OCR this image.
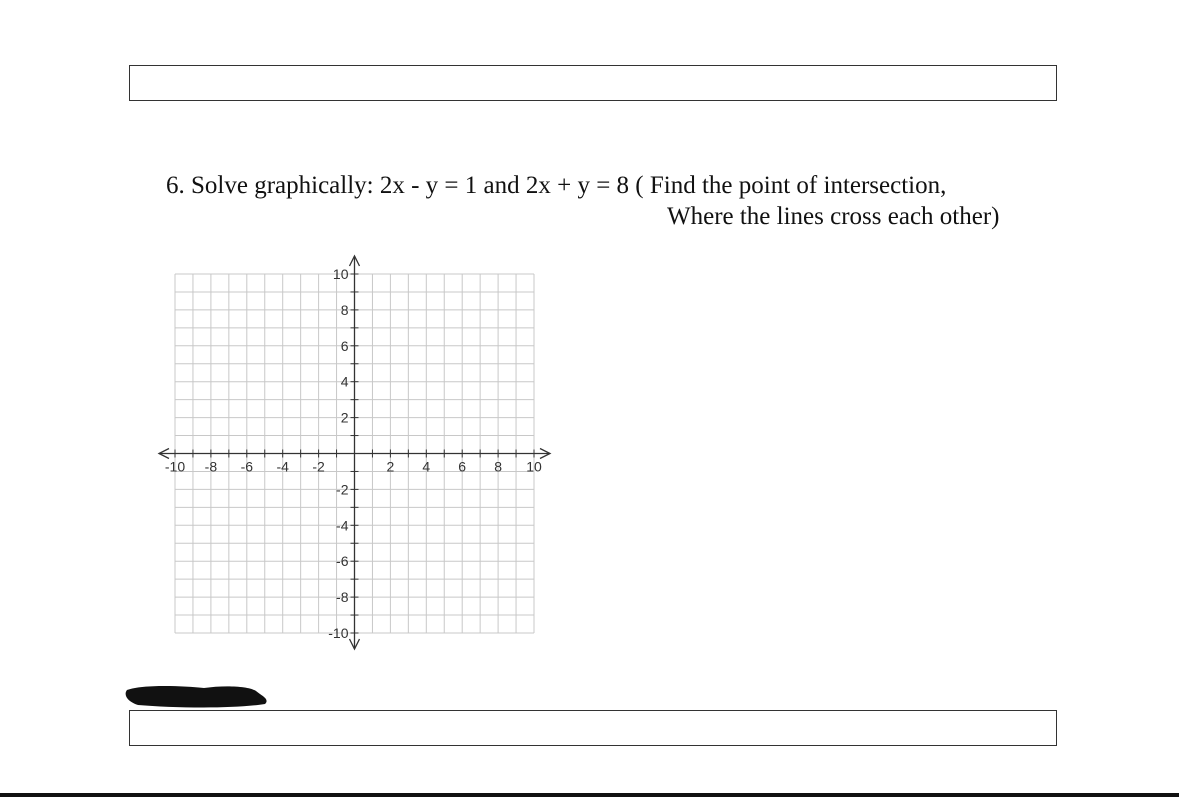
6. Solve graphically: 2x - y = 1 and 2x + y = 8 ( Find the point of intersection,
Where the lines cross each other)
-10 -8 -6 -4 -2	2 4 6 8 10
10
8
6
4
2
-2
-4
-6
-8
-10
